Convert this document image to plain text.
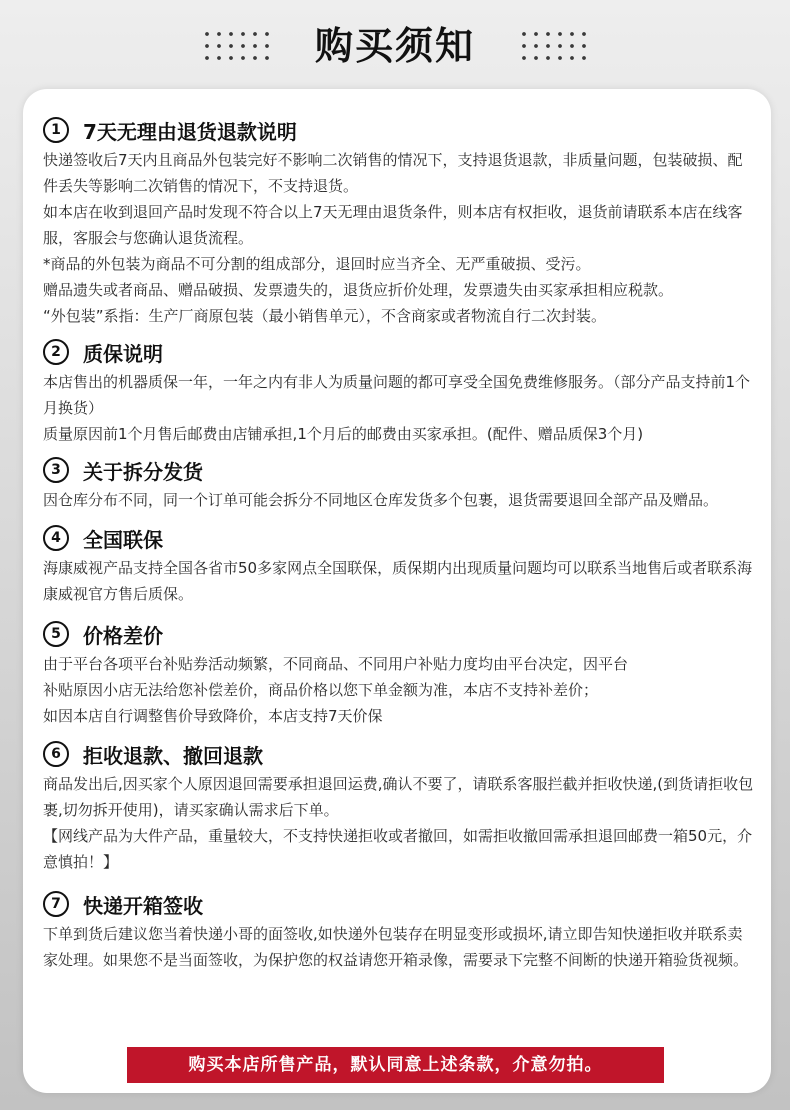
购买须知
1	7天无理由退货退款说明

快递签收后7天内且商品外包装完好不影响二次销售的情况下，支持退货退款，非质量问题，包装破损、配件丢失等影响二次销售的情况下，不支持退货。

如本店在收到退回产品时发现不符合以上7天无理由退货条件，则本店有权拒收，退货前请联系本店在线客服，客服会与您确认退货流程。

*商品的外包装为商品不可分割的组成部分，退回时应当齐全、无严重破损、受污。

赠品遗失或者商品、赠品破损、发票遗失的，退货应折价处理，发票遗失由买家承担相应税款。

“外包装”系指：生产厂商原包装（最小销售单元），不含商家或者物流自行二次封装。

2	质保说明

本店售出的机器质保一年，一年之内有非人为质量问题的都可享受全国免费维修服务。（部分产品支持前1个月换货）

质量原因前1个月售后邮费由店铺承担,1个月后的邮费由买家承担。(配件、赠品质保3个月)

3	关于拆分发货

因仓库分布不同，同一个订单可能会拆分不同地区仓库发货多个包裹，退货需要退回全部产品及赠品。

4	全国联保

海康威视产品支持全国各省市50多家网点全国联保，质保期内出现质量问题均可以联系当地售后或者联系海康威视官方售后质保。

5	价格差价

由于平台各项平台补贴券活动频繁，不同商品、不同用户补贴力度均由平台决定，因平台

补贴原因小店无法给您补偿差价，商品价格以您下单金额为准，本店不支持补差价；

如因本店自行调整售价导致降价，本店支持7天价保

6	拒收退款、撤回退款

商品发出后,因买家个人原因退回需要承担退回运费,确认不要了，请联系客服拦截并拒收快递,(到货请拒收包裹,切勿拆开使用)，请买家确认需求后下单。

【网线产品为大件产品，重量较大，不支持快递拒收或者撤回，如需拒收撤回需承担退回邮费一箱50元，介意慎拍！】

7	快递开箱签收

下单到货后建议您当着快递小哥的面签收,如快递外包装存在明显变形或损坏,请立即告知快递拒收并联系卖家处理。如果您不是当面签收，为保护您的权益请您开箱录像，需要录下完整不间断的快递开箱验货视频。

购买本店所售产品，默认同意上述条款，介意勿拍。
